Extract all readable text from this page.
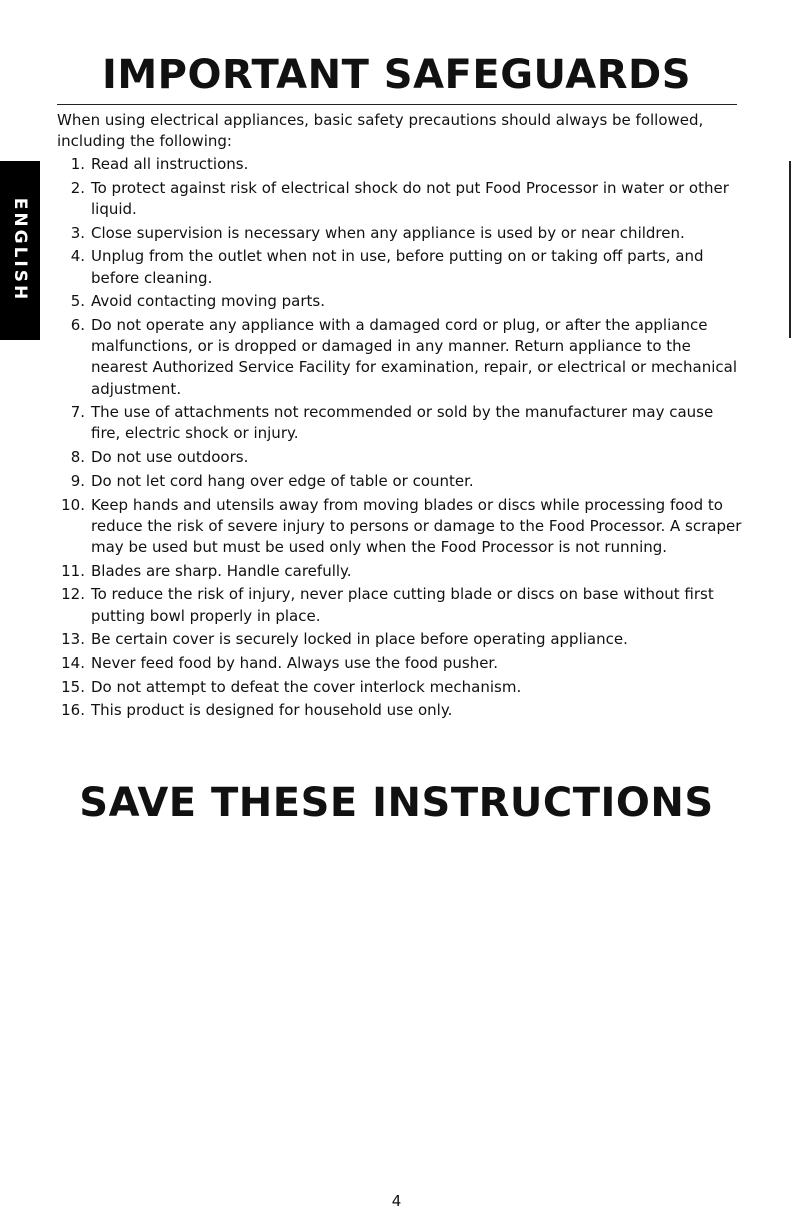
IMPORTANT SAFEGUARDS
ENGLISH

When using electrical appliances, basic safety precautions should always be followed, including the following:

1. Read all instructions.
2. To protect against risk of electrical shock do not put Food Processor in water or other liquid.
3. Close supervision is necessary when any appliance is used by or near children.
4. Unplug from the outlet when not in use, before putting on or taking off parts, and before cleaning.
5. Avoid contacting moving parts.
6. Do not operate any appliance with a damaged cord or plug, or after the appliance malfunctions, or is dropped or damaged in any manner. Return appliance to the nearest Authorized Service Facility for examination, repair, or electrical or mechanical adjustment.
7. The use of attachments not recommended or sold by the manufacturer may cause fire, electric shock or injury.
8. Do not use outdoors.
9. Do not let cord hang over edge of table or counter.
10. Keep hands and utensils away from moving blades or discs while processing food to reduce the risk of severe injury to persons or damage to the Food Processor. A scraper may be used but must be used only when the Food Processor is not running.
11. Blades are sharp. Handle carefully.
12. To reduce the risk of injury, never place cutting blade or discs on base without first putting bowl properly in place.
13. Be certain cover is securely locked in place before operating appliance.
14. Never feed food by hand. Always use the food pusher.
15. Do not attempt to defeat the cover interlock mechanism.
16. This product is designed for household use only.
SAVE THESE INSTRUCTIONS
4
